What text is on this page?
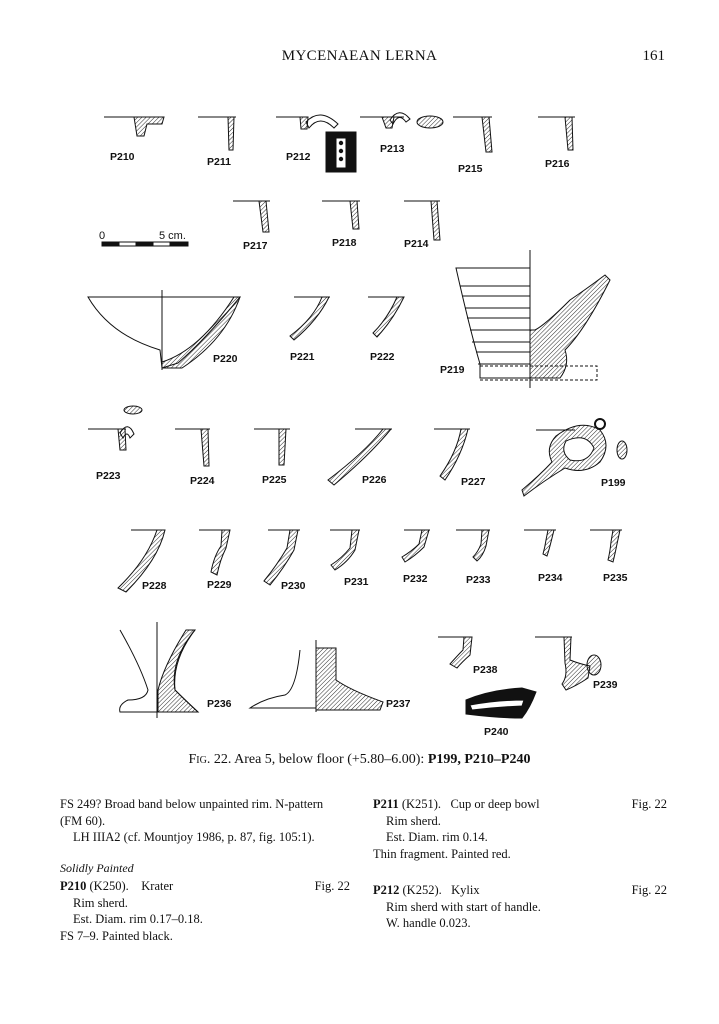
MYCENAEAN LERNA	161
0	5 cm.
P210	P211	P212
P213
P215	P216
P217	P218	P214
P220	P221	P222
P219
P223	P224	P225	P226	P227	P199
P228	P229	P230	P231	P232	P233	P234	P235
P236	P237
P238
P239
P240
Fig. 22. Area 5, below floor (+5.80–6.00): P199, P210–P240

FS 249? Broad band below unpainted rim. N-pattern

(FM 60).

LH IIIA2 (cf. Mountjoy 1986, p. 87, fig. 105:1).

Solidly Painted

P210 (K250). Krater	Fig. 22

Rim sherd.

Est. Diam. rim 0.17–0.18.

FS 7–9. Painted black.

P211 (K251). Cup or deep bowl	Fig. 22

Rim sherd.

Est. Diam. rim 0.14.

Thin fragment. Painted red.

P212 (K252). Kylix	Fig. 22

Rim sherd with start of handle.

W. handle 0.023.
